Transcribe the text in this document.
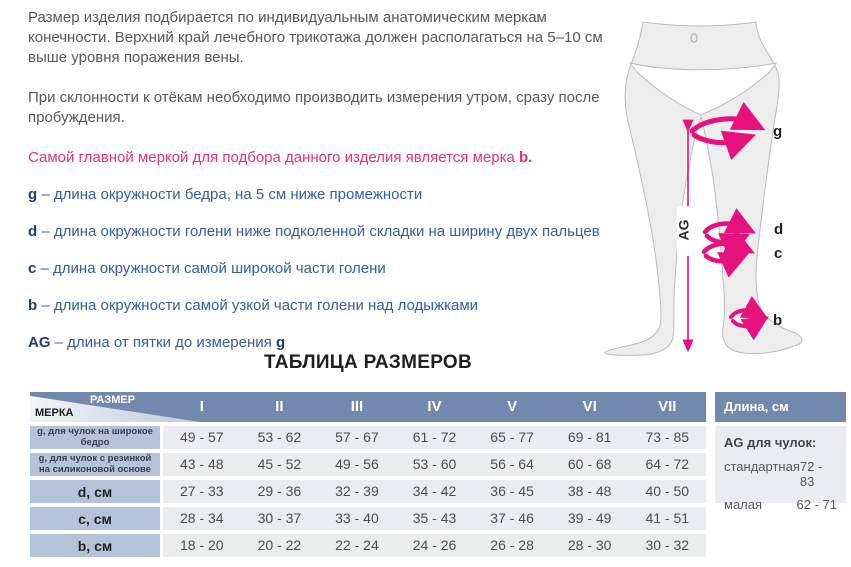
Размер изделия подбирается по индивидуальным анатомическим меркам конечности. Верхний край лечебного трикотажа должен располагаться на 5–10 см выше уровня поражения вены.

При склонности к отёкам необходимо производить измерения утром, сразу после пробуждения.

Самой главной меркой для подбора данного изделия является мерка b.

g – длина окружности бедра, на 5 см ниже промежности
d – длина окружности голени ниже подколенной складки на ширину двух пальцев
c – длина окружности самой широкой части голени
b – длина окружности самой узкой части голени над лодыжками
AG – длина от пятки до измерения g
AG
g
d
c
b
ТАБЛИЦА РАЗМЕРОВ
РАЗМЕР
МЕРКА	I	II	III	IV	V	VI	VII
g, для чулок на широкое бедро	49 - 57	53 - 62	57 - 67	61 - 72	65 - 77	69 - 81	73 - 85
g, для чулок с резинкой на силиконовой основе	43 - 48	45 - 52	49 - 56	53 - 60	56 - 64	60 - 68	64 - 72
d, см	27 - 33	29 - 36	32 - 39	34 - 42	36 - 45	38 - 48	40 - 50
c, см	28 - 34	30 - 37	33 - 40	35 - 43	37 - 46	39 - 49	41 - 51
b, см	18 - 20	20 - 22	22 - 24	24 - 26	26 - 28	28 - 30	30 - 32
Длина, см
AG для чулок:
стандартная 72 - 83
малая	62 - 71
